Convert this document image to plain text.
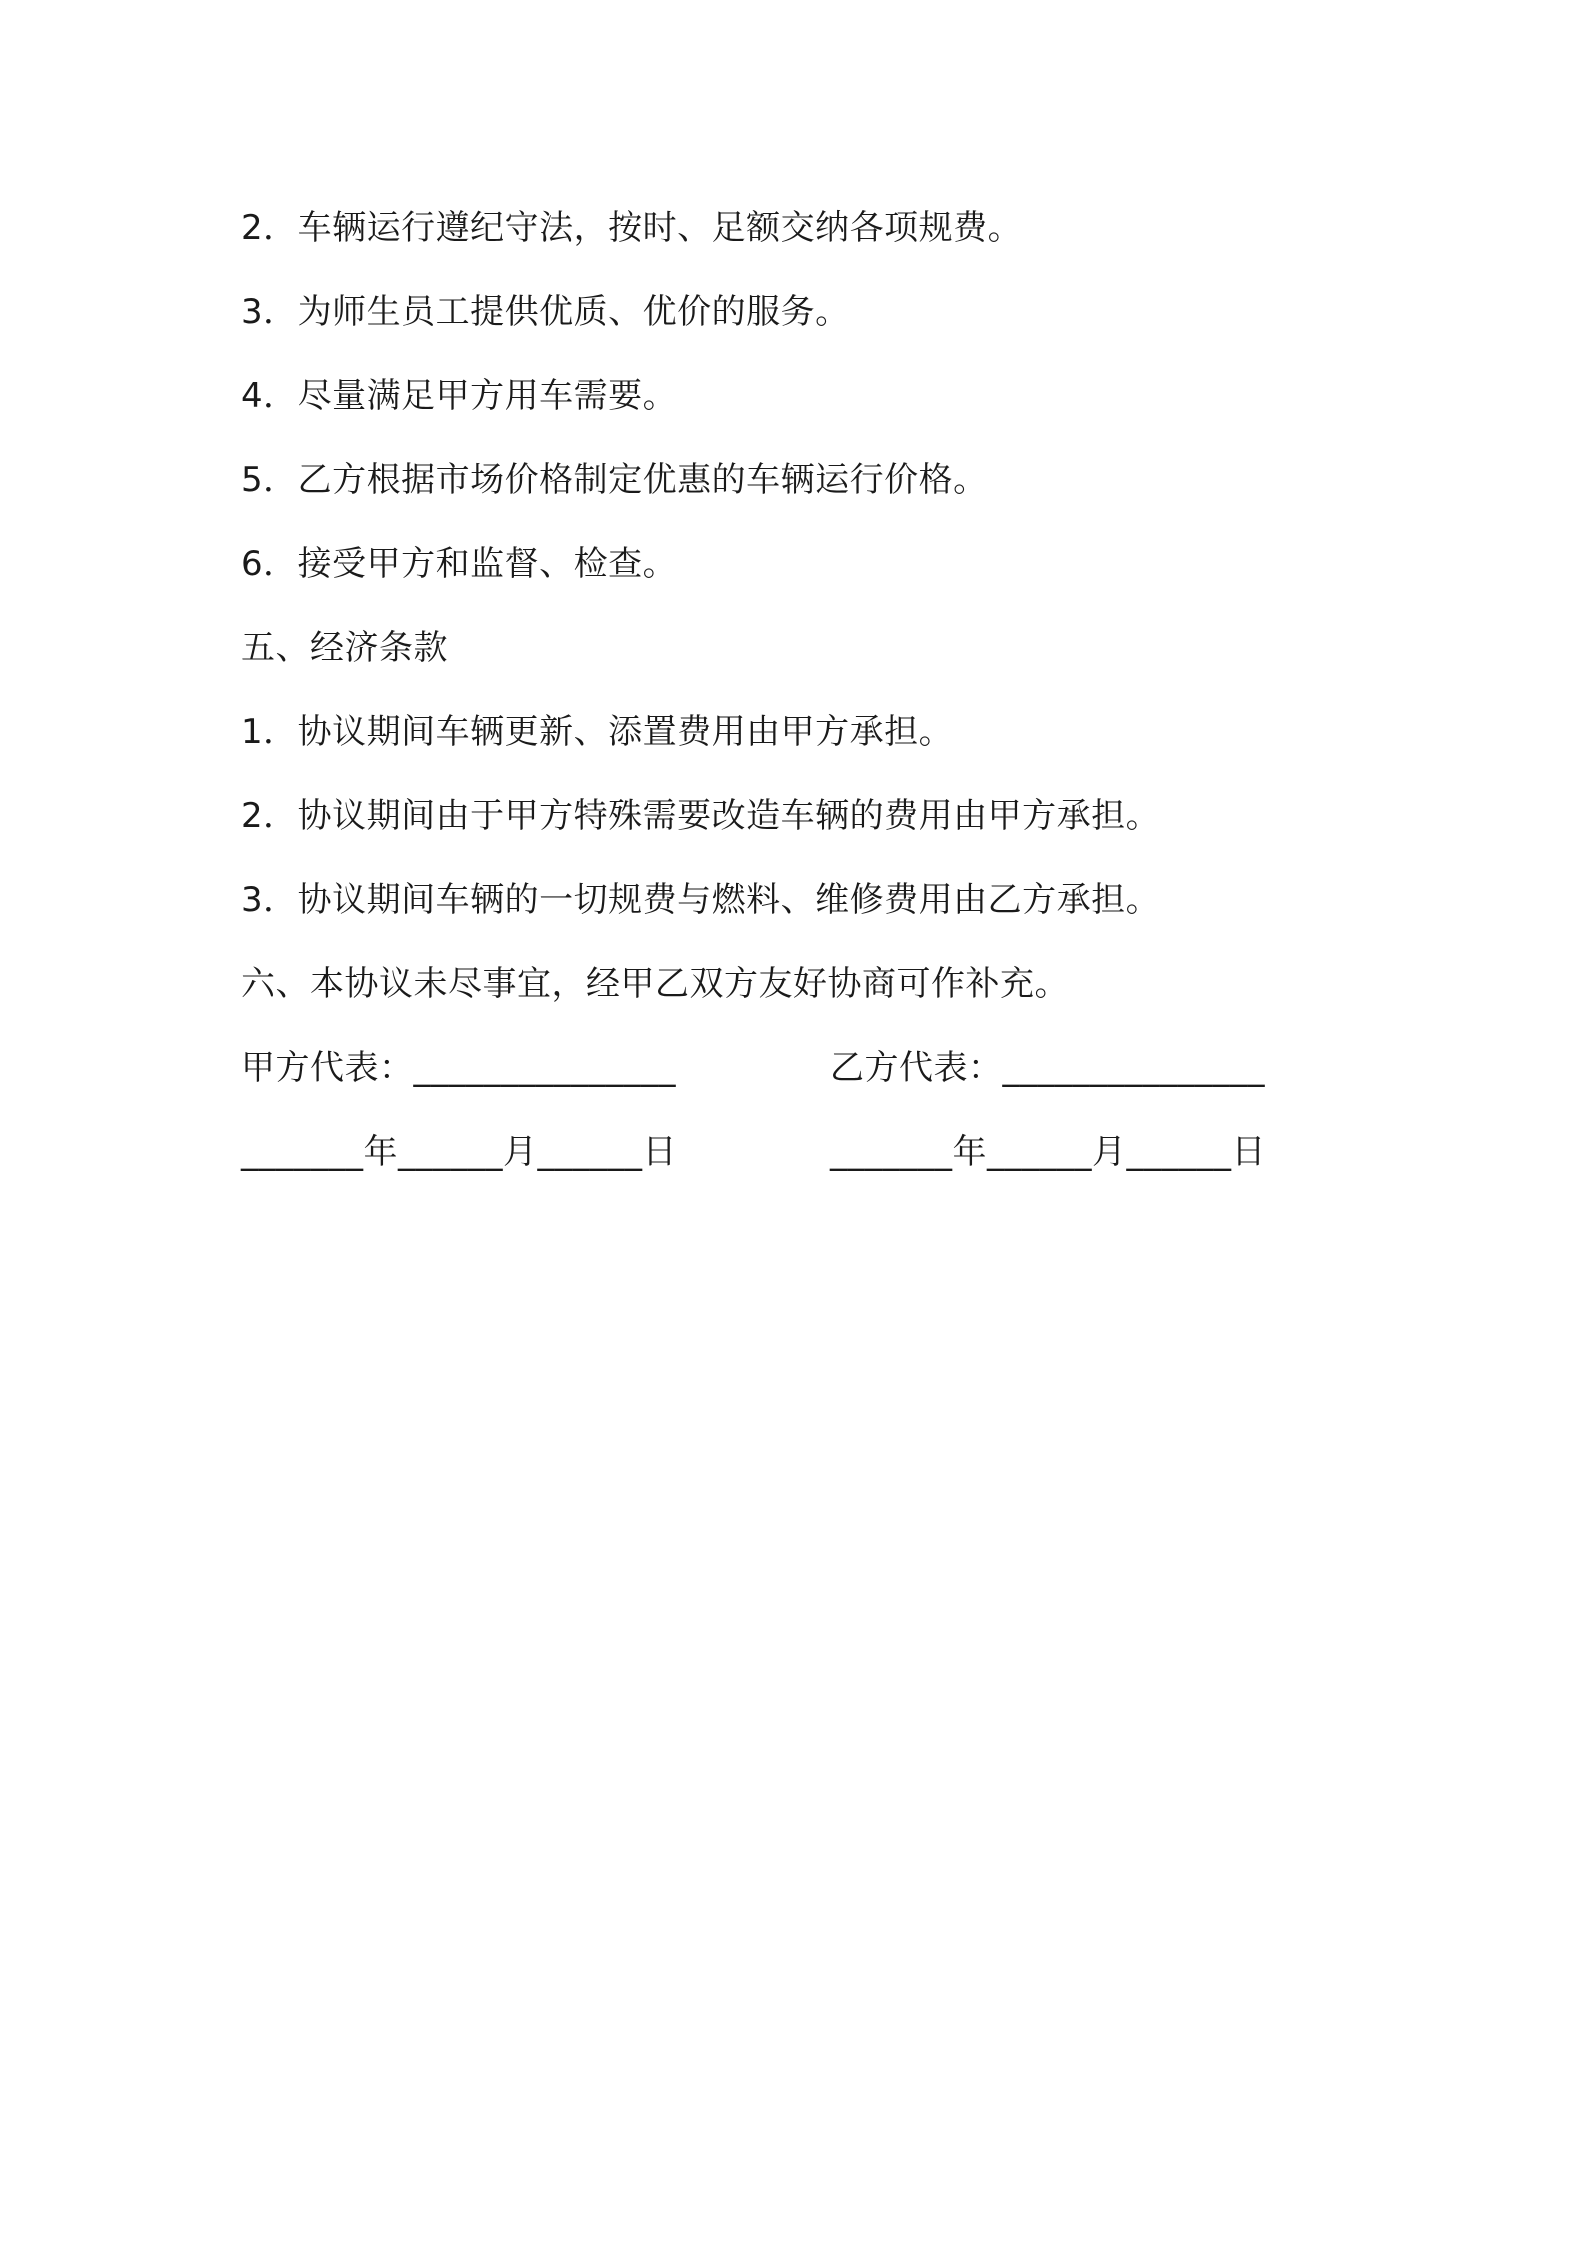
2．车辆运行遵纪守法，按时、足额交纳各项规费。
3．为师生员工提供优质、优价的服务。
4．尽量满足甲方用车需要。
5．乙方根据市场价格制定优惠的车辆运行价格。
6．接受甲方和监督、检查。
五、经济条款
1．协议期间车辆更新、添置费用由甲方承担。
2．协议期间由于甲方特殊需要改造车辆的费用由甲方承担。
3．协议期间车辆的一切规费与燃料、维修费用由乙方承担。
六、本协议未尽事宜，经甲乙双方友好协商可作补充。
甲方代表：_______________	乙方代表：_______________
_______年______月______日	_______年______月______日
